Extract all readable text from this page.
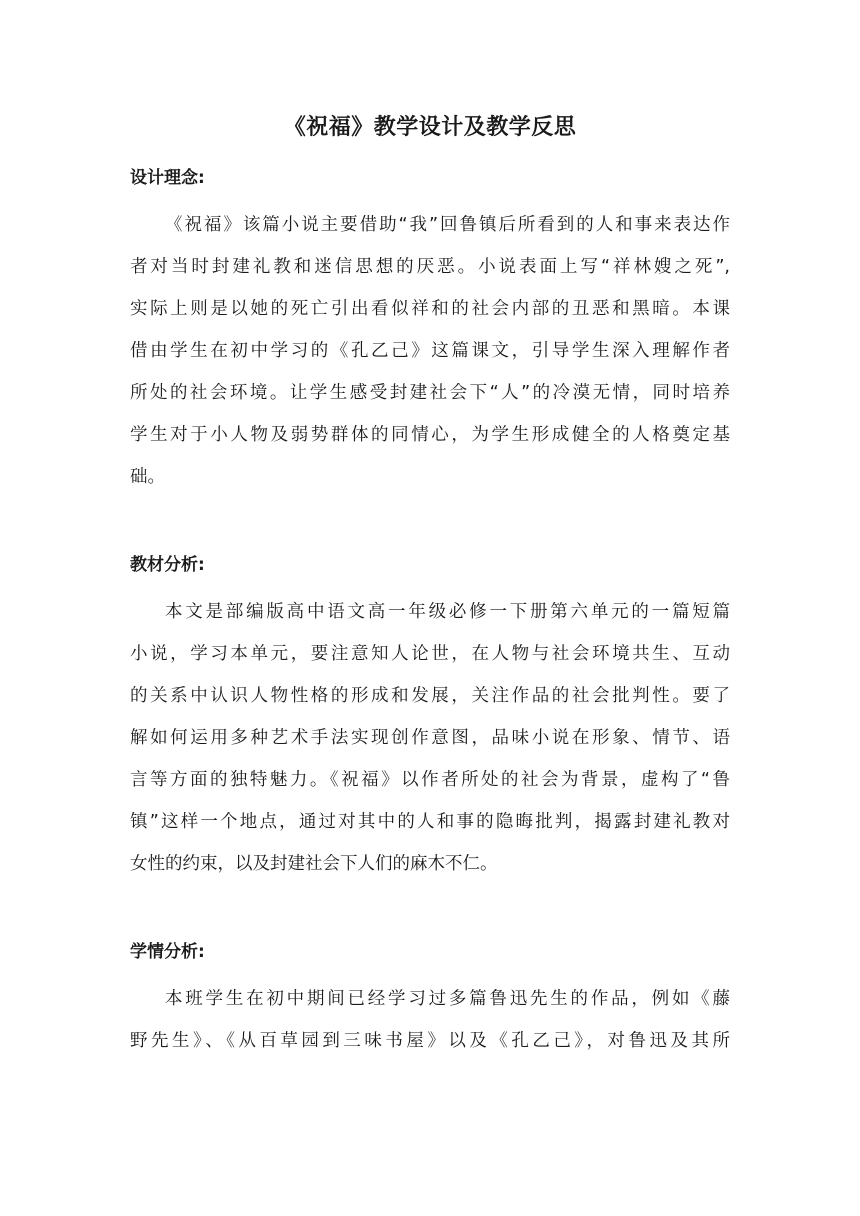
《祝福》教学设计及教学反思
设计理念:
《祝福》该篇小说主要借助“我”回鲁镇后所看到的人和事来表达作
者对当时封建礼教和迷信思想的厌恶。小说表面上写“祥林嫂之死”,
实际上则是以她的死亡引出看似祥和的社会内部的丑恶和黑暗。本课
借由学生在初中学习的《孔乙己》这篇课文，引导学生深入理解作者
所处的社会环境。让学生感受封建社会下“人”的冷漠无情，同时培养
学生对于小人物及弱势群体的同情心，为学生形成健全的人格奠定基
础。
教材分析:
本文是部编版高中语文高一年级必修一下册第六单元的一篇短篇
小说，学习本单元，要注意知人论世，在人物与社会环境共生、互动
的关系中认识人物性格的形成和发展，关注作品的社会批判性。要了
解如何运用多种艺术手法实现创作意图，品味小说在形象、情节、语
言等方面的独特魅力。《祝福》以作者所处的社会为背景，虚构了“鲁
镇”这样一个地点，通过对其中的人和事的隐晦批判，揭露封建礼教对
女性的约束，以及封建社会下人们的麻木不仁。
学情分析:
本班学生在初中期间已经学习过多篇鲁迅先生的作品，例如《藤
野先生》、《从百草园到三味书屋》以及《孔乙己》，对鲁迅及其所
